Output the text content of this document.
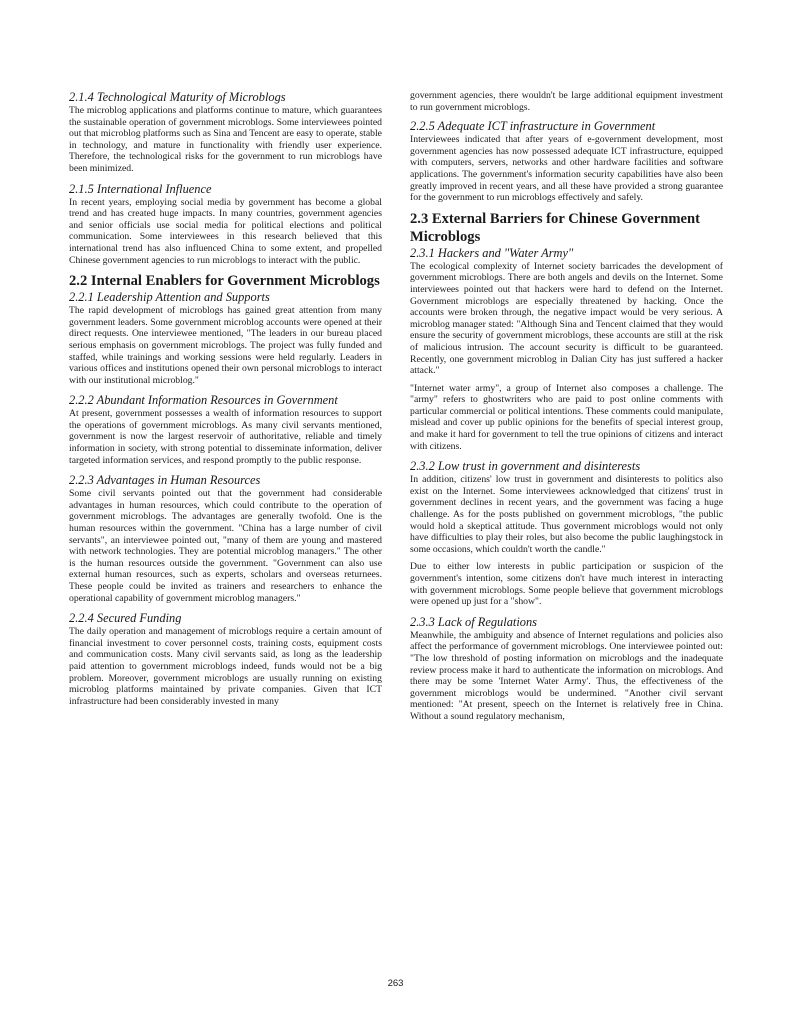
2.1.4 Technological Maturity of Microblogs

The microblog applications and platforms continue to mature, which guarantees the sustainable operation of government microblogs. Some interviewees pointed out that microblog platforms such as Sina and Tencent are easy to operate, stable in technology, and mature in functionality with friendly user experience. Therefore, the technological risks for the government to run microblogs have been minimized.

2.1.5 International Influence

In recent years, employing social media by government has become a global trend and has created huge impacts. In many countries, government agencies and senior officials use social media for political elections and political communication. Some interviewees in this research believed that this international trend has also influenced China to some extent, and propelled Chinese government agencies to run microblogs to interact with the public.

2.2 Internal Enablers for Government Microblogs
2.2.1 Leadership Attention and Supports

The rapid development of microblogs has gained great attention from many government leaders. Some government microblog accounts were opened at their direct requests. One interviewee mentioned, "The leaders in our bureau placed serious emphasis on government microblogs. The project was fully funded and staffed, while trainings and working sessions were held regularly. Leaders in various offices and institutions opened their own personal microblogs to interact with our institutional microblog."

2.2.2 Abundant Information Resources in Government

At present, government possesses a wealth of information resources to support the operations of government microblogs. As many civil servants mentioned, government is now the largest reservoir of authoritative, reliable and timely information in society, with strong potential to disseminate information, deliver targeted information services, and respond promptly to the public response.

2.2.3 Advantages in Human Resources

Some civil servants pointed out that the government had considerable advantages in human resources, which could contribute to the operation of government microblogs. The advantages are generally twofold. One is the human resources within the government. "China has a large number of civil servants", an interviewee pointed out, "many of them are young and mastered with network technologies. They are potential microblog managers." The other is the human resources outside the government. "Government can also use external human resources, such as experts, scholars and overseas returnees. These people could be invited as trainers and researchers to enhance the operational capability of government microblog managers."

2.2.4 Secured Funding

The daily operation and management of microblogs require a certain amount of financial investment to cover personnel costs, training costs, equipment costs and communication costs. Many civil servants said, as long as the leadership paid attention to government microblogs indeed, funds would not be a big problem. Moreover, government microblogs are usually running on existing microblog platforms maintained by private companies. Given that ICT infrastructure had been considerably invested in many

government agencies, there wouldn't be large additional equipment investment to run government microblogs.

2.2.5 Adequate ICT infrastructure in Government

Interviewees indicated that after years of e-government development, most government agencies has now possessed adequate ICT infrastructure, equipped with computers, servers, networks and other hardware facilities and software applications. The government's information security capabilities have also been greatly improved in recent years, and all these have provided a strong guarantee for the government to run microblogs effectively and safely.

2.3 External Barriers for Chinese Government Microblogs
2.3.1 Hackers and "Water Army"

The ecological complexity of Internet society barricades the development of government microblogs. There are both angels and devils on the Internet. Some interviewees pointed out that hackers were hard to defend on the Internet. Government microblogs are especially threatened by hacking. Once the accounts were broken through, the negative impact would be very serious. A microblog manager stated: "Although Sina and Tencent claimed that they would ensure the security of government microblogs, these accounts are still at the risk of malicious intrusion. The account security is difficult to be guaranteed. Recently, one government microblog in Dalian City has just suffered a hacker attack."

"Internet water army", a group of Internet also composes a challenge. The "army" refers to ghostwriters who are paid to post online comments with particular commercial or political intentions. These comments could manipulate, mislead and cover up public opinions for the benefits of special interest group, and make it hard for government to tell the true opinions of citizens and interact with citizens.

2.3.2 Low trust in government and disinterests

In addition, citizens' low trust in government and disinterests to politics also exist on the Internet. Some interviewees acknowledged that citizens' trust in government declines in recent years, and the government was facing a huge challenge. As for the posts published on government microblogs, "the public would hold a skeptical attitude. Thus government microblogs would not only have difficulties to play their roles, but also become the public laughingstock in some occasions, which couldn't worth the candle."

Due to either low interests in public participation or suspicion of the government's intention, some citizens don't have much interest in interacting with government microblogs. Some people believe that government microblogs were opened up just for a "show".

2.3.3 Lack of Regulations

Meanwhile, the ambiguity and absence of Internet regulations and policies also affect the performance of government microblogs. One interviewee pointed out: "The low threshold of posting information on microblogs and the inadequate review process make it hard to authenticate the information on microblogs. And there may be some 'Internet Water Army'. Thus, the effectiveness of the government microblogs would be undermined. "Another civil servant mentioned: "At present, speech on the Internet is relatively free in China. Without a sound regulatory mechanism,

263
